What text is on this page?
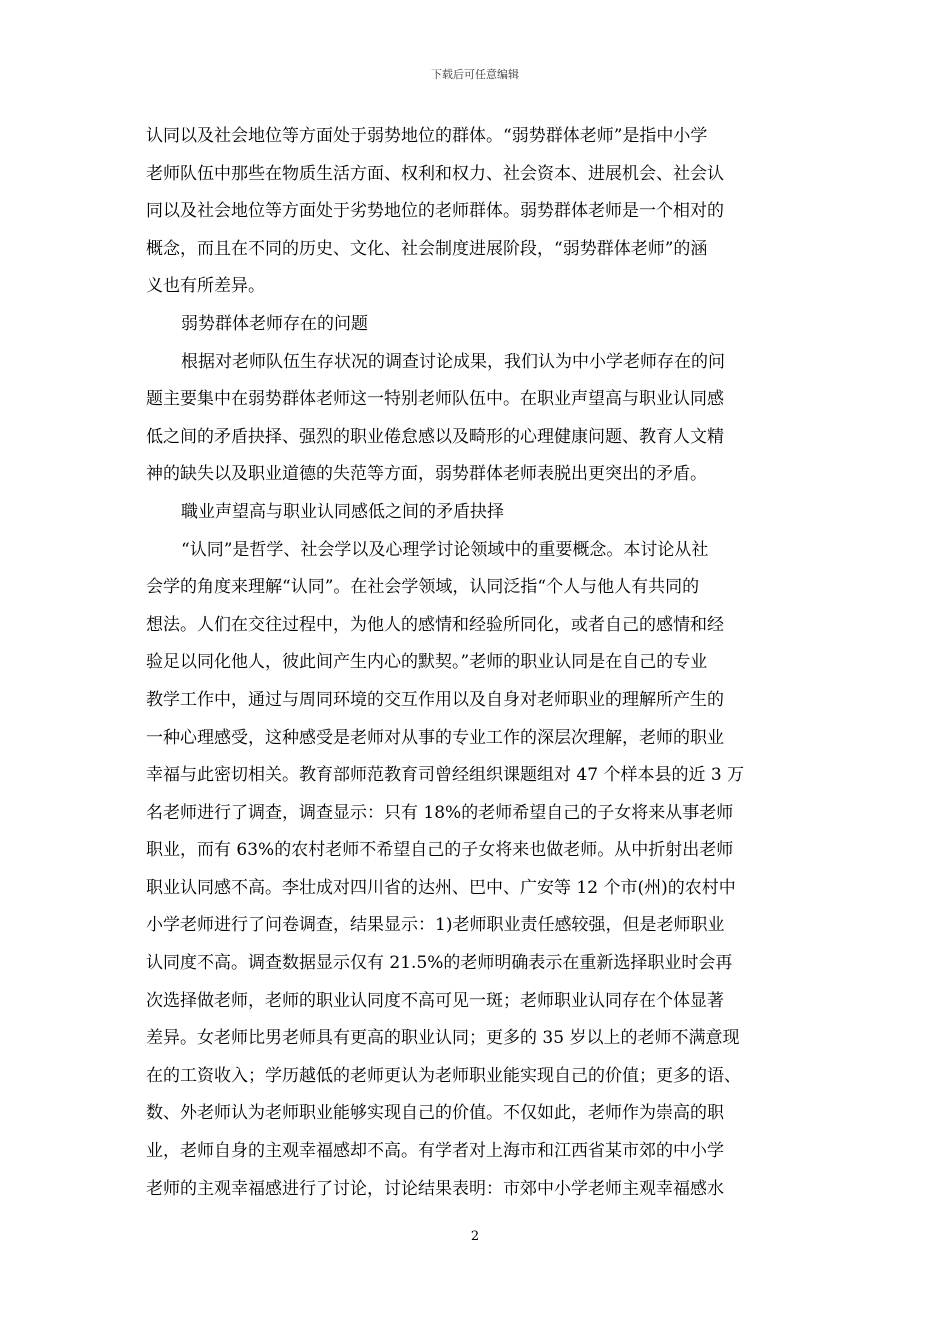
下载后可任意编辑
认同以及社会地位等方面处于弱势地位的群体。“弱势群体老师”是指中小学
老师队伍中那些在物质生活方面、权利和权力、社会资本、进展机会、社会认
同以及社会地位等方面处于劣势地位的老师群体。弱势群体老师是一个相对的
概念，而且在不同的历史、文化、社会制度进展阶段，“弱势群体老师”的涵
义也有所差异。
弱势群体老师存在的问题
根据对老师队伍生存状况的调查讨论成果，我们认为中小学老师存在的问
题主要集中在弱势群体老师这一特别老师队伍中。在职业声望高与职业认同感
低之间的矛盾抉择、强烈的职业倦怠感以及畸形的心理健康问题、教育人文精
神的缺失以及职业道德的失范等方面，弱势群体老师表脱出更突出的矛盾。
職业声望高与职业认同感低之间的矛盾抉择
“认同”是哲学、社会学以及心理学讨论领域中的重要概念。本讨论从社
会学的角度来理解“认同”。在社会学领域，认同泛指“个人与他人有共同的
想法。人们在交往过程中，为他人的感情和经验所同化，或者自己的感情和经
验足以同化他人，彼此间产生内心的默契。”老师的职业认同是在自己的专业
教学工作中，通过与周同环境的交互作用以及自身对老师职业的理解所产生的
一种心理感受，这种感受是老师对从事的专业工作的深层次理解，老师的职业
幸福与此密切相关。教育部师范教育司曾经组织课题组对 47 个样本县的近 3 万
名老师进行了调查，调查显示：只有 18%的老师希望自己的子女将来从事老师
职业，而有 63%的农村老师不希望自己的子女将来也做老师。从中折射出老师
职业认同感不高。李壮成对四川省的达州、巴中、广安等 12 个市(州)的农村中
小学老师进行了问卷调查，结果显示：1)老师职业责任感较强，但是老师职业
认同度不高。调查数据显示仅有 21.5%的老师明确表示在重新选择职业时会再
次选择做老师，老师的职业认同度不高可见一斑；老师职业认同存在个体显著
差异。女老师比男老师具有更高的职业认同；更多的 35 岁以上的老师不满意现
在的工资收入；学历越低的老师更认为老师职业能实现自己的价值；更多的语、
数、外老师认为老师职业能够实现自己的价值。不仅如此，老师作为崇高的职
业，老师自身的主观幸福感却不高。有学者对上海市和江西省某市郊的中小学
老师的主观幸福感进行了讨论，讨论结果表明：市郊中小学老师主观幸福感水
2
